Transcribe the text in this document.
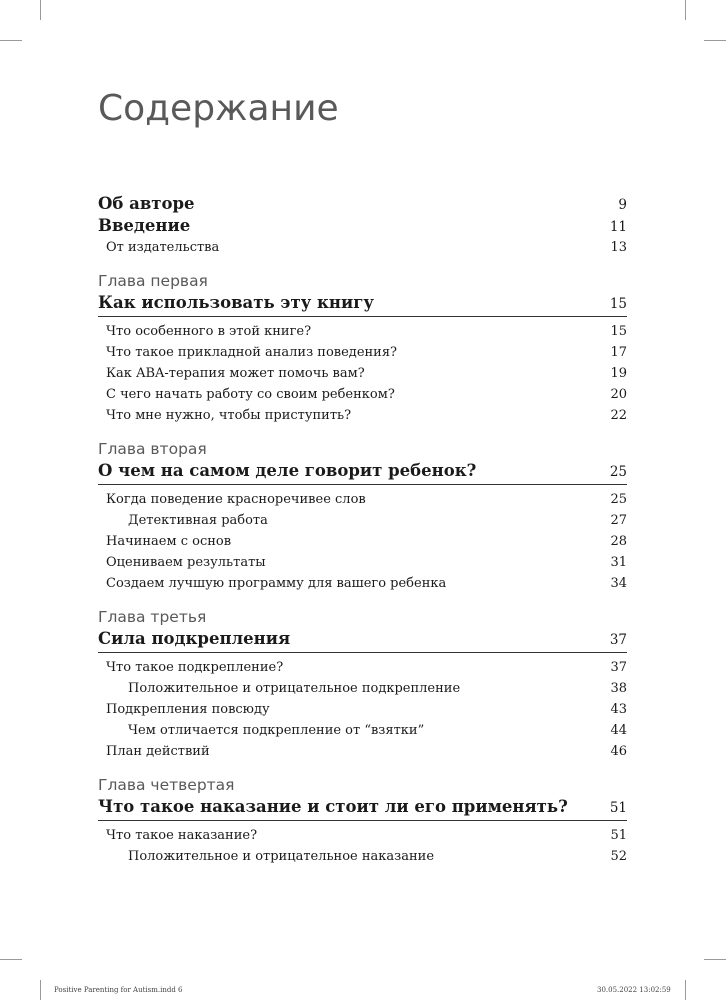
Содержание
Об авторе	9
Введение	11
От издательства	13
Глава первая
Как использовать эту книгу	15
Что особенного в этой книге?	15
Что такое прикладной анализ поведения?	17
Как ABA-терапия может помочь вам?	19
С чего начать работу со своим ребенком?	20
Что мне нужно, чтобы приступить?	22
Глава вторая
О чем на самом деле говорит ребенок?	25
Когда поведение красноречивее слов	25
Детективная работа	27
Начинаем с основ	28
Оцениваем результаты	31
Создаем лучшую программу для вашего ребенка	34
Глава третья
Сила подкрепления	37
Что такое подкрепление?	37
Положительное и отрицательное подкрепление	38
Подкрепления повсюду	43
Чем отличается подкрепление от “взятки”	44
План действий	46
Глава четвертая
Что такое наказание и стоит ли его применять?	51
Что такое наказание?	51
Положительное и отрицательное наказание	52
Positive Parenting for Autism.indd 6	30.05.2022 13:02:59
